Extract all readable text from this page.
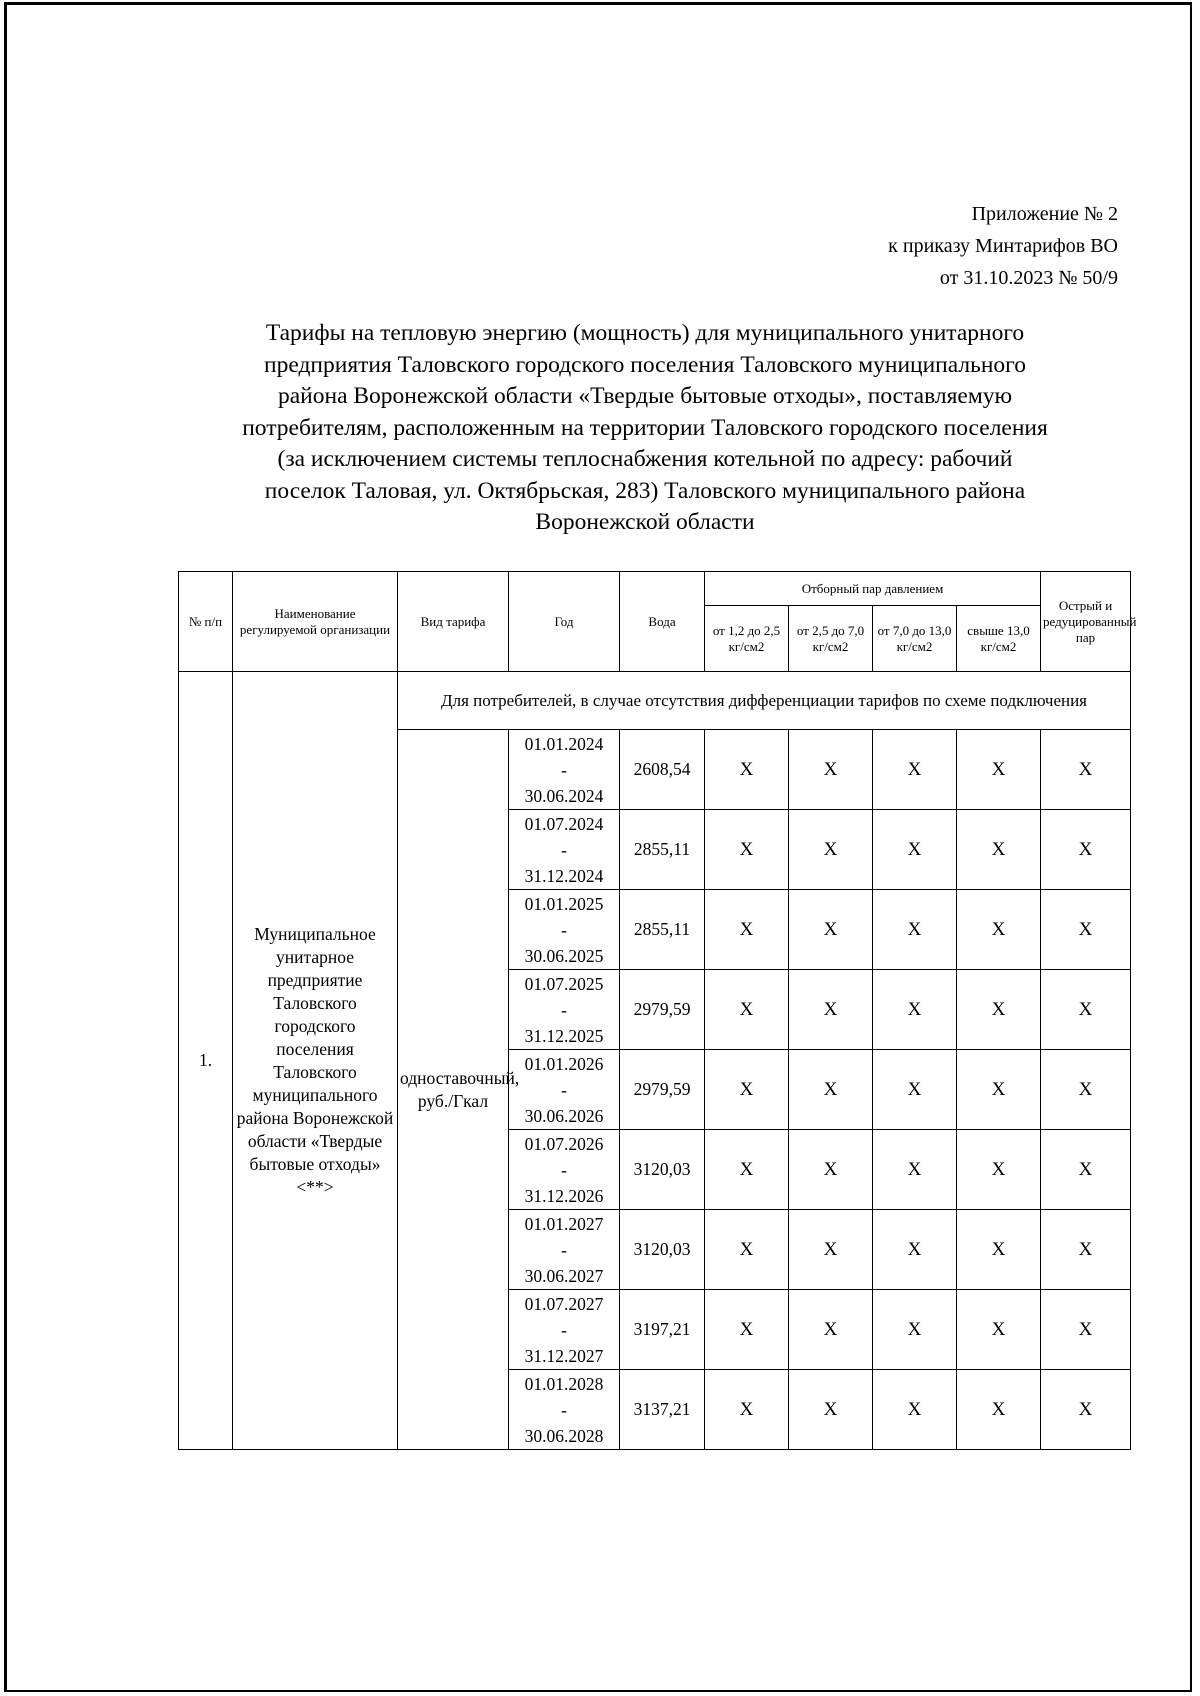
Приложение № 2
к приказу Минтарифов ВО
от 31.10.2023 № 50/9
Тарифы на тепловую энергию (мощность) для муниципального унитарного
предприятия Таловского городского поселения Таловского муниципального
района Воронежской области «Твердые бытовые отходы», поставляемую
потребителям, расположенным на территории Таловского городского поселения
(за исключением системы теплоснабжения котельной по адресу: рабочий
поселок Таловая, ул. Октябрьская, 283) Таловского муниципального района
Воронежской области
№ п/п	Наименование регулируемой организации	Вид тарифа	Год	Вода	Отборный пар давлением				Острый и редуцированный пар
					от 1,2 до 2,5 кг/см2	от 2,5 до 7,0 кг/см2	от 7,0 до 13,0 кг/см2	свыше 13,0 кг/см2	
1.	Муниципальное унитарное предприятие Таловского городского поселения Таловского муниципального района Воронежской области «Твердые бытовые отходы» <**>	Для потребителей, в случае отсутствия дифференциации тарифов по схеме подключения							
		одноставочный, руб./Гкал	01.01.2024
-
30.06.2024	2608,54	X	X	X	X	X

			01.07.2024
-
31.12.2024	2855,11	X	X	X	X	X

			01.01.2025
-
30.06.2025	2855,11	X	X	X	X	X

			01.07.2025
-
31.12.2025	2979,59	X	X	X	X	X

			01.01.2026
-
30.06.2026	2979,59	X	X	X	X	X

			01.07.2026
-
31.12.2026	3120,03	X	X	X	X	X

			01.01.2027
-
30.06.2027	3120,03	X	X	X	X	X

			01.07.2027
-
31.12.2027	3197,21	X	X	X	X	X

			01.01.2028
-
30.06.2028	3137,21	X	X	X	X	X
